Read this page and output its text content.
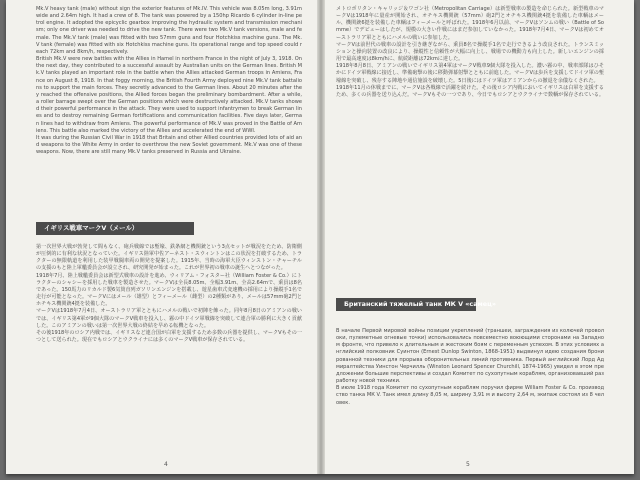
Mk.V heavy tank (male) without sign the exterior features of Mk.IV. This vehicle was 8.05m long, 3.91m wide and 2.64m high. It had a crew of 8. The tank was powered by a 150hp Ricardo 6 cylinder in-line petrol engine. It adopted the epicyclic gearbox improving the hydraulic system and transmission mechanism; only one driver was needed to drive the new tank. There were two Mk.V tank versions, male and female. The Mk.V tank (male) was fitted with two 57mm guns and four Hotchkiss machine guns. The Mk.V tank (female) was fitted with six Hotchkiss machine guns. Its operational range and top speed could reach 72km and 8km/h, respectively.

British Mk.V were new battles with the Allies in Hamel in northern France in the night of July 3, 1918. On the next day, they contributed to a successful assault by Australian units on the German lines. British Mk.V tanks played an important role in the battle when the Allies attacked German troops in Amiens, France on August 8, 1918. In that foggy morning, the British Fourth Army deployed nine Mk.V tank battalions to support the main forces. They secretly advanced to the German lines. About 20 minutes after they reached the offensive positions, the Allied forces began the preliminary bombardment. After a while, a roller barrage swept over the German positions which were destructively attacked. Mk.V tanks showed their powerful performance in the attack. They were used to support infantrymen to break German lines and to destroy remaining German fortifications and communication facilities. Five days later, German lines had to withdraw from Amiens. The powerful performance of Mk.V was proved in the Battle of Amiens. This battle also marked the victory of the Allies and accelerated the end of WWI.

It was during the Russian Civil War in 1918 that Britain and other Allied countries provided lots of aid and weapons to the White Army in order to overthrow the new Soviet government. Mk.V was one of these weapons. Now, there are still many Mk.V tanks preserved in Russia and Ukraine.

イギリス戦車マークV（メール）

第一次世界大戦が勃発して間もなく、砲兵戦線では塹壕、鉄条網と機関銃という3点セットが戦況をたため、防衛側が圧倒的に有利な状況となっていた。イギリス陸軍中佐アーネスト・スウィントンはこの状況を打破するため、トラクターの無限軌道を利用した装甲戦闘車両の開発を提案した。1915年、当時の海軍大臣ウィンストン・チャーチルの支援のもと陸上軍艦委員会が設立され、研究開発が始まった。これが世界初の戦車の誕生へとつながった。

1918年7月、陸上戦艦委員会は新型式戦車の設計を進め、ウィリアム・フォスター社（William Foster & Co.）にトラクターのシャシーを採用した戦車を製造させた。マークVは全長8.05m、全幅3.91m、全高2.64mで、乗員は8名であった。150馬力のリカルド製6気筒直列ガソリンエンジンを搭載し、遊星歯車式変速機の採用により操縦手1名で走行が可能となった。マークVにはメール（雄型）とフィーメール（雌型）の2種類があり、メールは57mm砲2門とホチキス機関銃4挺を装備した。

マークVは1918年7月4日、オーストラリア軍とともにハメルの戦いで初陣を飾った。同年8月8日のアミアンの戦いでは、イギリス第4軍が9個大隊のマークV戦車を投入し、霧の中ドイツ軍戦線を突破して連合軍の勝利に大きく貢献した。このアミアンの戦いは第一次世界大戦の終結を早める転機となった。

その後1918年のロシア内戦では、イギリスなど連合国が白軍を支援するため多数の兵器を提供し、マークVもその一つとして送られた。現在でもロシアとウクライナには多くのマークV戦車が保存されている。

4

メトロポリタン・キャリッジ＆ワゴン社（Metropolitan Carriage）は新型戦車の製造を命じられた。新型戦車のマークVは1918年に量産が開始され、オチキス機関銃（57mm）砲2門とオチキス機関銃4挺を装備した車輌はメール、機関銃6挺を装備した車輌はフィーメールと呼ばれた。1918年6月以前、マークVはソンムの戦い（Battle of Somme）でデビューはしたが、規模の大きい作戦にはまだ参加していなかった。1918年7月4日、マークVは初めてオーストラリア軍とともにハメルの戦いに参加した。

マークVは前世代の戦車の設計を引き継ぎながら、乗員8名で操縦手1名で走行できるよう改良された。トランスミッションと操向装置の改良により、操縦性と信頼性が大幅に向上し、戦場での機動力も向上した。新しいエンジンの採用で最高速度は8km/hに、航続距離は72kmに達した。

1918年8月8日、アミアンの戦いでイギリス第4軍はマークV戦車9個大隊を投入した。濃い霧の中、戦車部隊はひそかにドイツ軍戦線に接近し、準備砲撃の後に移動弾幕射撃とともに前進した。マークVは歩兵を支援してドイツ軍の塹壕線を突破し、残存する陣地や通信施設を破壊した。5日後にはドイツ軍はアミアンからの撤退を余儀なくされた。

1918年11月の休戦までに、マークVは各戦線で活躍を続けた。その後ロシア内戦においてイギリスは白軍を支援するため、多くの兵器を送り込んだ。マークVもその一つであり、今日でもロシアとウクライナで数輌が保存されている。

Британский тяжелый танк МК V «самец»

В начале Первой мировой войны позиции укреплений (траншеи, заграждения из колючей проволоки, пулеметные огневые точки) использовались повсеместно воюющими сторонами на Западном фронте, что привело к длительным и жестоким боям с переменным успехом. В этих условиях английский полковник Суинтон (Ernest Dunlop Swinton, 1868-1951) выдвинул идею создания бронированной техники для прорыва оборонительных линий противника. Первый английский Лорд Адмиралтейства Уинстон Черчилль (Winston Leonard Spencer Churchill, 1874-1965) увидел в этом предложении большие перспективы и создал Комитет по сухопутным кораблям, организовавший разработку новой техники.

В июле 1918 года Комитет по сухопутным кораблям поручил фирме William Foster & Co. производство танка МК V. Танк имел длину 8,05 м, ширину 3,91 м и высоту 2,64 м, экипаж состоял из 8 человек.

5
